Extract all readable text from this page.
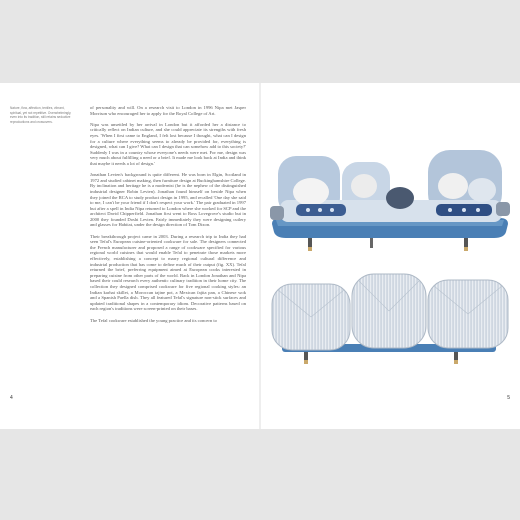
Nature, flow, affection, textiles, vibrant, spiritual, yet not repetitive. Overwhelmingly, even into its tradition, still retains seductive reproductions and crossovers.

of personality and will. On a research visit to London in 1996 Nipa met Jasper Morrison who encouraged her to apply for the Royal College of Art.

Nipa was unsettled by her arrival in London but it afforded her a distance to critically reflect on Indian culture, and she could appreciate its strengths with fresh eyes. 'When I first came to England, I felt lost because I thought, what can I design for a culture where everything seems to already be provided for, everything is designed, what can I give? What can I design that can somehow add to this society?' Suddenly I was in a country whose everyone's needs were met. For me, design was very much about fulfilling a need or a brief. It made me look back at India and think that maybe it needs a lot of design.'

Jonathan Levien's background is quite different. He was born in Elgin, Scotland in 1972 and studied cabinet making, then furniture design at Buckinghamshire College. By inclination and heritage he is a modernist (he is the nephew of the distinguished industrial designer Robin Levien). Jonathan found himself on beside Nipa when they joined the RCA to study product design in 1995, and recalled 'One day she said to me, I can't be your friend if I don't respect your work.' The pair graduated in 1997 but after a spell in India Nipa returned to London where she worked for SCP and the architect David Chipperfield. Jonathan first went to Ross Lovegrove's studio but in 2000 they founded Doshi Levien. Fairly immediately they were designing cutlery and glasses for Habitat, under the design direction of Tom Dixon.

Their breakthrough project came in 2003. During a research trip to India they had seen Tefal's European cuisine-oriented cookware for sale. The designers connected the French manufacturer and proposed a range of cookware specified for various regional world cuisines that would enable Tefal to penetrate those markets more effectively, establishing a concept to marry regional cultural difference and industrial production that has come to define much of their output (fig. XX). Tefal returned the brief, preferring equipment aimed at European cooks interested in preparing cuisine from other parts of the world. Back in London Jonathan and Nipa based their could research every authentic culinary tradition in their home city. The collection they designed comprised cookware for five regional cooking styles: an Indian karhai skillet, a Moroccan tajine pot, a Mexican fajita pan, a Chinese wok and a Spanish Paella dish. They all featured Tefal's signature non-stick surfaces and updated traditional shapes in a contemporary idiom. Decorative patterns based on each region's traditions were screen-printed on their bases.

The Tefal cookware established the young practice and its concern to

4	5
